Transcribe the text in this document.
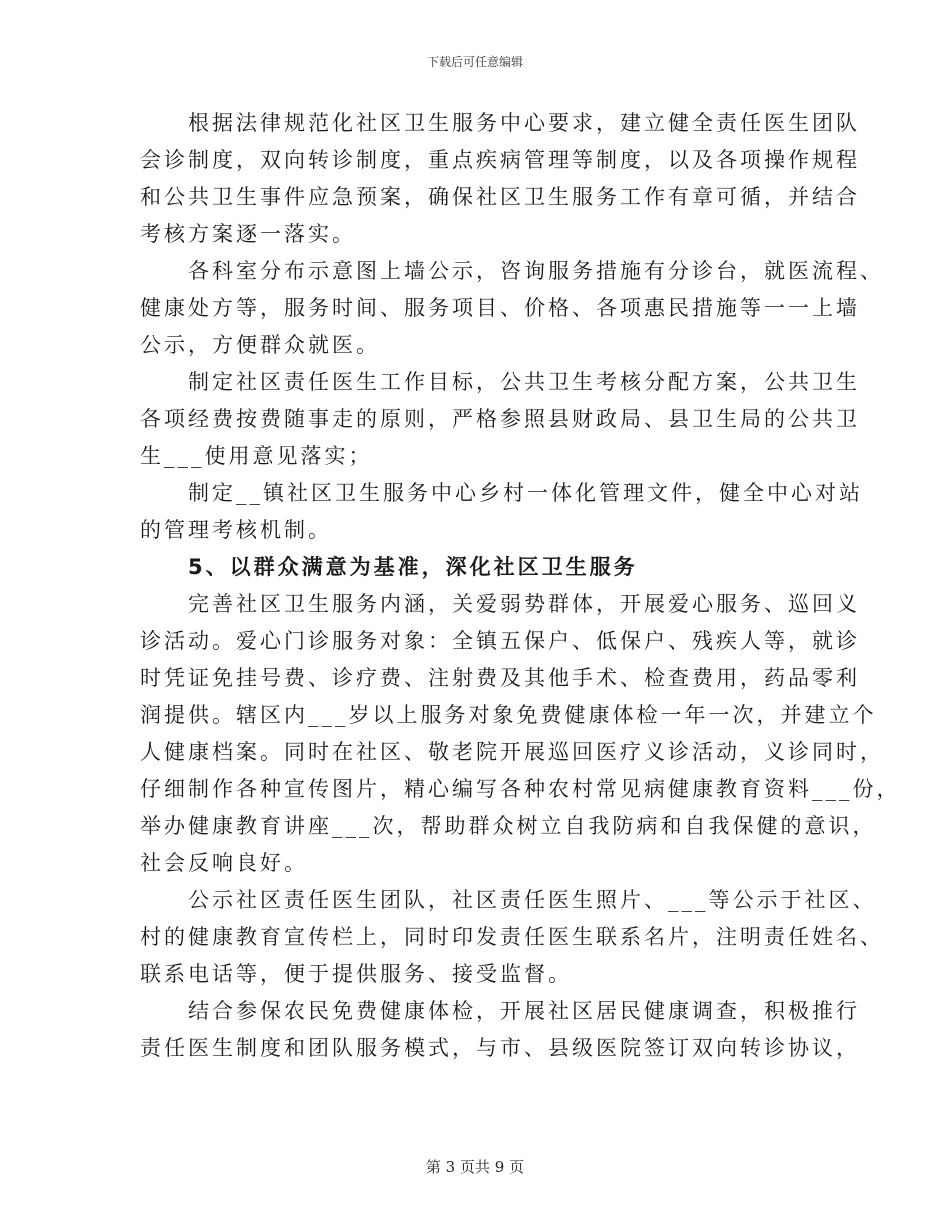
下载后可任意编辑

根据法律规范化社区卫生服务中心要求，建立健全责任医生团队
会诊制度，双向转诊制度，重点疾病管理等制度，以及各项操作规程
和公共卫生事件应急预案，确保社区卫生服务工作有章可循，并结合
考核方案逐一落实。

各科室分布示意图上墙公示，咨询服务措施有分诊台，就医流程、
健康处方等，服务时间、服务项目、价格、各项惠民措施等一一上墙
公示，方便群众就医。

制定社区责任医生工作目标，公共卫生考核分配方案，公共卫生
各项经费按费随事走的原则，严格参照县财政局、县卫生局的公共卫
生___使用意见落实；

制定__镇社区卫生服务中心乡村一体化管理文件，健全中心对站
的管理考核机制。

5、以群众满意为基准，深化社区卫生服务

完善社区卫生服务内涵，关爱弱势群体，开展爱心服务、巡回义
诊活动。爱心门诊服务对象：全镇五保户、低保户、残疾人等，就诊
时凭证免挂号费、诊疗费、注射费及其他手术、检查费用，药品零利
润提供。辖区内___岁以上服务对象免费健康体检一年一次，并建立个
人健康档案。同时在社区、敬老院开展巡回医疗义诊活动，义诊同时，
仔细制作各种宣传图片，精心编写各种农村常见病健康教育资料___份，
举办健康教育讲座___次，帮助群众树立自我防病和自我保健的意识，
社会反响良好。

公示社区责任医生团队，社区责任医生照片、___等公示于社区、
村的健康教育宣传栏上，同时印发责任医生联系名片，注明责任姓名、
联系电话等，便于提供服务、接受监督。

结合参保农民免费健康体检，开展社区居民健康调查，积极推行
责任医生制度和团队服务模式，与市、县级医院签订双向转诊协议，

第 3 页共 9 页
